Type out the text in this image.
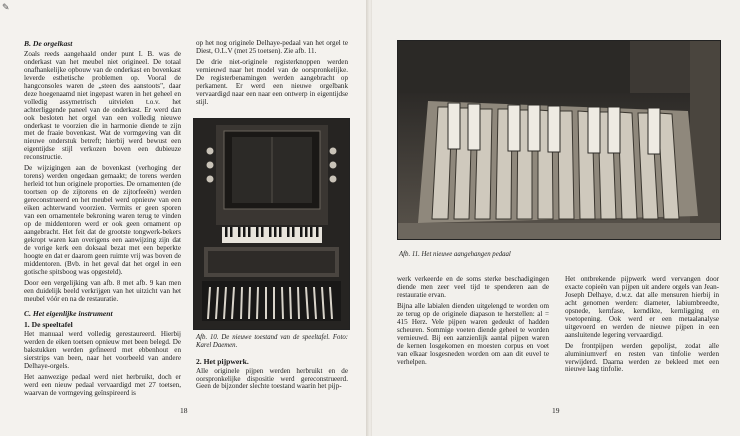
✎
B. De orgelkast

Zoals reeds aangehaald onder punt I. B. was de onderkast van het meubel niet origineel. De totaal onafhankelijke opbouw van de onderkast en bovenkast leverde esthetische problemen op. Vooral de hangconsoles waren de „steen des aanstoots", daar deze hoegenaamd niet ingepast waren in het geheel en volledig assymetrisch uitvielen t.o.v. het achterliggende paneel van de onderkast. Er werd dan ook besloten het orgel van een volledig nieuwe onderkast te voorzien die in harmonie diende te zijn met de fraaie bovenkast. Wat de vormgeving van dit nieuwe onderstuk betreft; hierbij werd bewust een eigentijdse stijl verkozen boven een dubieuze reconstructie.

De wijzigingen aan de bovenkast (verhoging der torens) werden ongedaan gemaakt; de torens werden herleid tot hun originele proporties. De ornamenten (de toortsen op de zijtorens en de zijtorfeeën) werden gereconstrueerd en het meubel werd opnieuw van een eiken achterwand voorzien. Vermits er geen sporen van een ornamentele bekroning waren terug te vinden op de middentoren werd er ook geen ornament op aangebracht. Het feit dat de grootste tongwerk-bekers gekropt waren kan overigens een aanwijzing zijn dat de vorige kerk een doksaal bezat met een beperkte hoogte en dat er daarom geen ruimte vrij was boven de middentoren. (Bvb. in het geval dat het orgel in een gotische spitsboog was opgesteld).

Door een vergelijking van afb. 8 met afb. 9 kan men een duidelijk beeld verkrijgen van het uitzicht van het meubel vóór en na de restauratie.

C. Het eigenlijke instrument
1. De speeltafel

Het manuaal werd volledig gerestaureerd. Hierbij werden de eiken toetsen opnieuw met been belegd. De bakstukken werden gefineerd met ebbenhout en sierstrips van been, naar het voorbeeld van andere Delhaye-orgels.

Het aanwezige pedaal werd niet herbruikt, doch er werd een nieuw pedaal vervaardigd met 27 toetsen, waarvan de vormgeving geïnspireerd is

op het nog originele Delhaye-pedaal van het orgel te Diest, O.L.V (met 25 toetsen). Zie afb. 11.

De drie niet-originele registerknoppen werden vernieuwd naar het model van de oorspronkelijke. De registerbenamingen werden aangebracht op perkament. Er werd een nieuwe orgelbank vervaardigd naar een naar een ontwerp in eigentijdse stijl.

Afb. 10. De nieuwe toestand van de speeltafel. Foto: Karel Daemen.

2. Het pijpwerk.

Alle originele pijpen werden herbruikt en de oorspronkelijke dispositie werd gereconstrueerd. Geen de bijzonder slechte toestand waarin het pijp-

18

Afb. 11. Het nieuwe aangehangen pedaal

werk verkeerde en de soms sterke beschadigingen diende men zeer veel tijd te spenderen aan de restauratie ervan.

Bijna alle labialen dienden uitgelengd te worden om ze terug op de originele diapason te herstellen: al = 415 Herz. Vele pijpen waren gedeukt of hadden scheuren. Sommige voeten diende geheel te worden vernieuwd. Bij een aanzienlijk aantal pijpen waren de kernen losgekomen en moesten corpus en voet van elkaar losgesneden worden om aan dit euvel te verhelpen.

Het ontbrekende pijpwerk werd vervangen door exacte copieën van pijpen uit andere orgels van Jean-Joseph Delhaye, d.w.z. dat alle mensuren hierbij in acht genomen werden: diameter, labiumbreedte, opsnede, kernfase, kerndikte, kernligging en voetopening. Ook werd er een metaalanalyse uitgevoerd en werden de nieuwe pijpen in een aansluitende legering vervaardigd.

De frontpijpen werden gepolijst, zodat alle aluminiumverf en resten van tinfolie werden verwijderd. Daarna werden ze bekleed met een nieuwe laag tinfolie.

19
